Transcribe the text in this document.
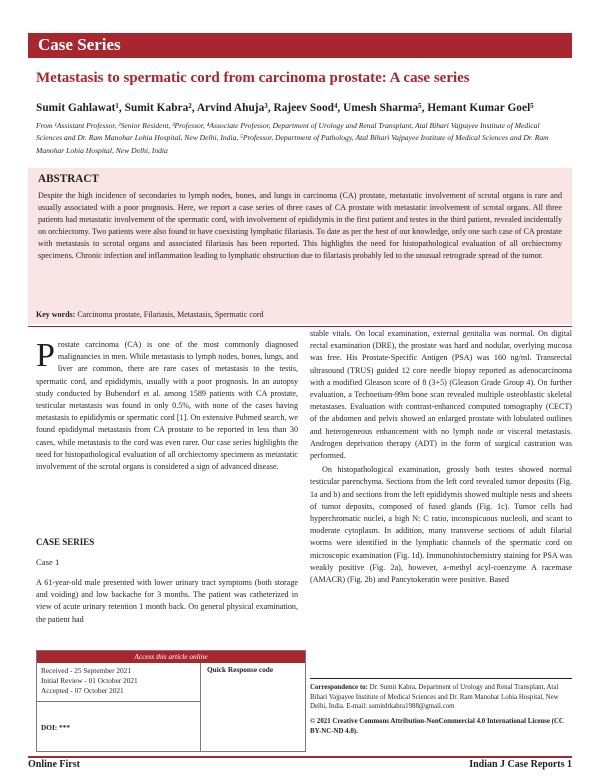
Case Series
Metastasis to spermatic cord from carcinoma prostate: A case series
Sumit Gahlawat¹, Sumit Kabra², Arvind Ahuja³, Rajeev Sood⁴, Umesh Sharma⁵, Hemant Kumar Goel⁵
From ¹Assistant Professor, ²Senior Resident, ³Professor, ⁴Associate Professor, Department of Urology and Renal Transplant, Atal Bihari Vajpayee Institute of Medical Sciences and Dr. Ram Manohar Lohia Hospital, New Delhi, India, ⁵Professor, Department of Pathology, Atal Bihari Vajpayee Institute of Medical Sciences and Dr. Ram Manohar Lohia Hospital, New Delhi, India
ABSTRACT
Despite the high incidence of secondaries to lymph nodes, bones, and lungs in carcinoma (CA) prostate, metastatic involvement of scrotal organs is rare and usually associated with a poor prognosis. Here, we report a case series of three cases of CA prostate with metastatic involvement of scrotal organs. All three patients had metastatic involvement of the spermatic cord, with involvement of epididymis in the first patient and testes in the third patient, revealed incidentally on orchiectomy. Two patients were also found to have coexisting lymphatic filariasis. To date as per the best of our knowledge, only one such case of CA prostate with metastasis to scrotal organs and associated filariasis has been reported. This highlights the need for histopathological evaluation of all orchiectomy specimens. Chronic infection and inflammation leading to lymphatic obstruction due to filariasis probably led to the unusual retrograde spread of the tumor.
Key words: Carcinoma prostate, Filariasis, Metastasis, Spermatic cord

P rostate carcinoma (CA) is one of the most commonly diagnosed malignancies in men. While metastasis to lymph nodes, bones, lungs, and liver are common, there are rare cases of metastasis to the testis, spermatic cord, and epididymis, usually with a poor prognosis. In an autopsy study conducted by Bubendorf et al. among 1589 patients with CA prostate, testicular metastasis was found in only 0.5%, with none of the cases having metastasis to epididymis or spermatic cord [1]. On extensive Pubmed search, we found epididymal metastasis from CA prostate to be reported in less than 30 cases, while metastasis to the cord was even rarer. Our case series highlights the need for histopathological evaluation of all orchiectomy specimens as metastatic involvement of the scrotal organs is considered a sign of advanced disease.

CASE SERIES
Case 1

A 61-year-old male presented with lower urinary tract symptoms (both storage and voiding) and low backache for 3 months. The patient was catheterized in view of acute urinary retention 1 month back. On general physical examination, the patient had

stable vitals. On local examination, external genitalia was normal. On digital rectal examination (DRE), the prostate was hard and nodular, overlying mucosa was free. His Prostate-Specific Antigen (PSA) was 160 ng/ml. Transrectal ultrasound (TRUS) guided 12 core needle biopsy reported as adenocarcinoma with a modified Gleason score of 8 (3+5) (Gleason Grade Group 4). On further evaluation, a Technetium-99m bone scan revealed multiple osteoblastic skeletal metastases. Evaluation with contrast-enhanced computed tomography (CECT) of the abdomen and pelvis showed an enlarged prostate with lobulated outlines and heterogeneous enhancement with no lymph node or visceral metastasis. Androgen deprivation therapy (ADT) in the form of surgical castration was performed.

On histopathological examination, grossly both testes showed normal testicular parenchyma. Sections from the left cord revealed tumor deposits (Fig. 1a and b) and sections from the left epididymis showed multiple nests and sheets of tumor deposits, composed of fused glands (Fig. 1c). Tumor cells had hyperchromatic nuclei, a high N: C ratio, inconspicuous nucleoli, and scant to moderate cytoplasm. In addition, many transverse sections of adult filarial worms were identified in the lymphatic channels of the spermatic cord on microscopic examination (Fig. 1d). Immunohistochemistry staining for PSA was weakly positive (Fig. 2a), however, a-methyl acyl-coenzyme A racemase (AMACR) (Fig. 2b) and Pancytokeratin were positive. Based

Access this article online
Received - 25 September 2021
Initial Review - 01 October 2021
Accepted - 07 October 2021
DOI: ***
Quick Response code
Correspondence to: Dr. Sumit Kabra, Department of Urology and Renal Transplant, Atal Bihari Vajpayee Institute of Medical Sciences and Dr. Ram Manohar Lohia Hospital, New Delhi, India. E-mail: sumitdrkabra1988@gmail.com
© 2021 Creative Commons Attribution-NonCommercial 4.0 International License (CC BY-NC-ND 4.0).
Online First	Indian J Case Reports 1
